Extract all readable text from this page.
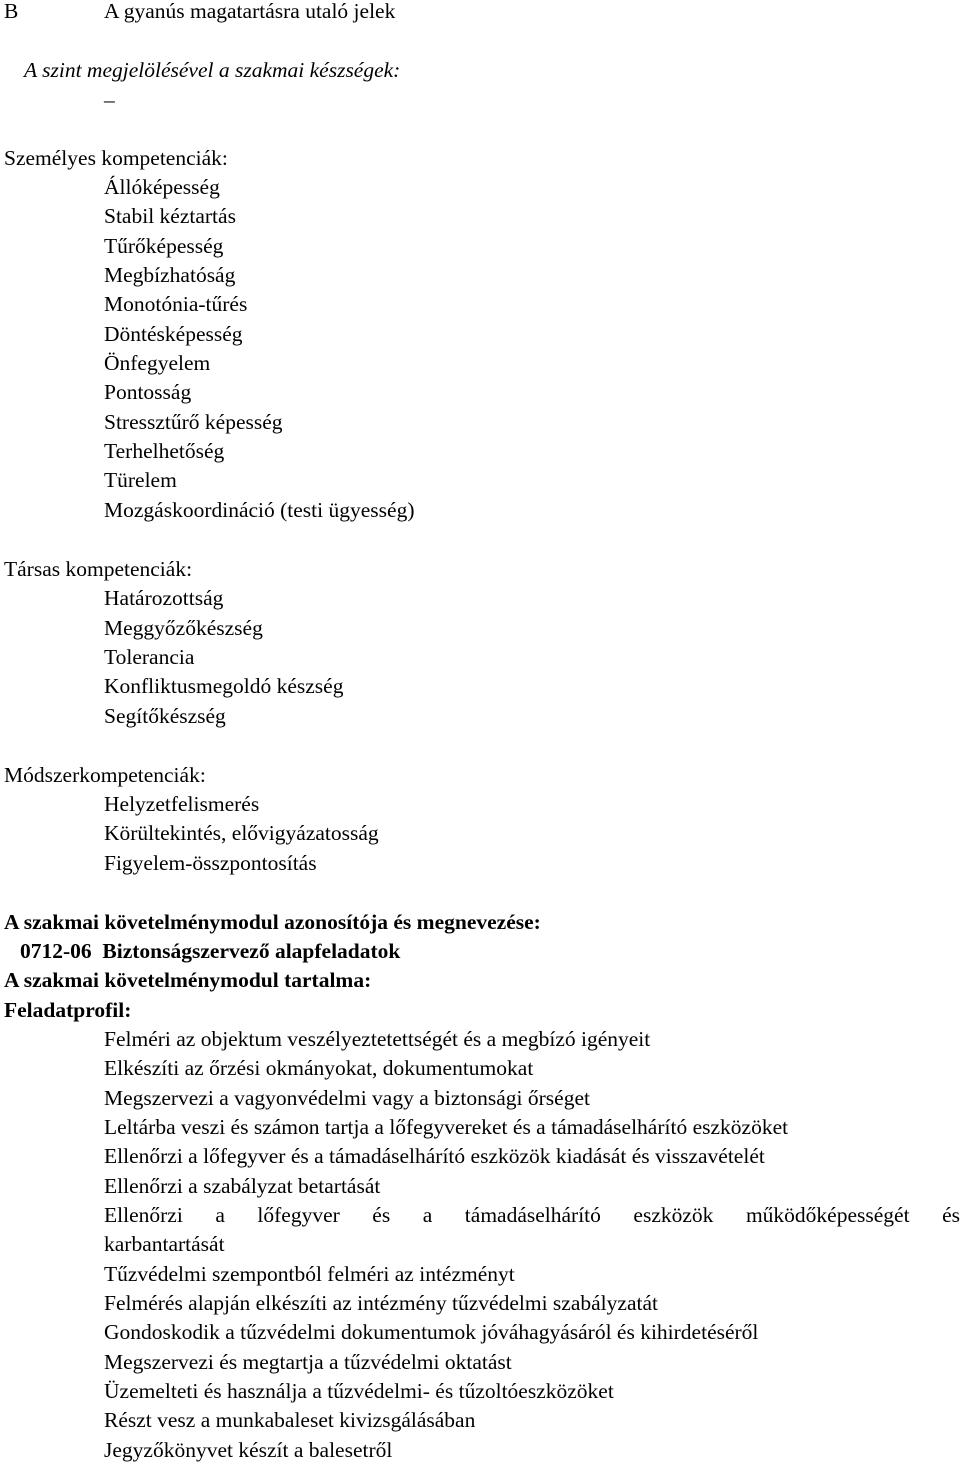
B	A gyanús magatartásra utaló jelek
A szint megjelölésével a szakmai készségek:
–
Személyes kompetenciák:
Állóképesség
Stabil kéztartás
Tűrőképesség
Megbízhatóság
Monotónia-tűrés
Döntésképesség
Önfegyelem
Pontosság
Stressztűrő képesség
Terhelhetőség
Türelem
Mozgáskoordináció (testi ügyesség)
Társas kompetenciák:
Határozottság
Meggyőzőkészség
Tolerancia
Konfliktusmegoldó készség
Segítőkészség
Módszerkompetenciák:
Helyzetfelismerés
Körültekintés, elővigyázatosság
Figyelem-összpontosítás
A szakmai követelménymodul azonosítója és megnevezése:
0712-06  Biztonságszervező alapfeladatok
A szakmai követelménymodul tartalma:
Feladatprofil:
Felméri az objektum veszélyeztetettségét és a megbízó igényeit
Elkészíti az őrzési okmányokat, dokumentumokat
Megszervezi a vagyonvédelmi vagy a biztonsági őrséget
Leltárba veszi és számon tartja a lőfegyvereket és a támadáselhárító eszközöket
Ellenőrzi a lőfegyver és a támadáselhárító eszközök kiadását és visszavételét
Ellenőrzi a szabályzat betartását
Ellenőrzi a lőfegyver és a támadáselhárító eszközök működőképességét és
karbantartását
Tűzvédelmi szempontból felméri az intézményt
Felmérés alapján elkészíti az intézmény tűzvédelmi szabályzatát
Gondoskodik a tűzvédelmi dokumentumok jóváhagyásáról és kihirdetéséről
Megszervezi és megtartja a tűzvédelmi oktatást
Üzemelteti és használja a tűzvédelmi- és tűzoltóeszközöket
Részt vesz a munkabaleset kivizsgálásában
Jegyzőkönyvet készít a balesetről
